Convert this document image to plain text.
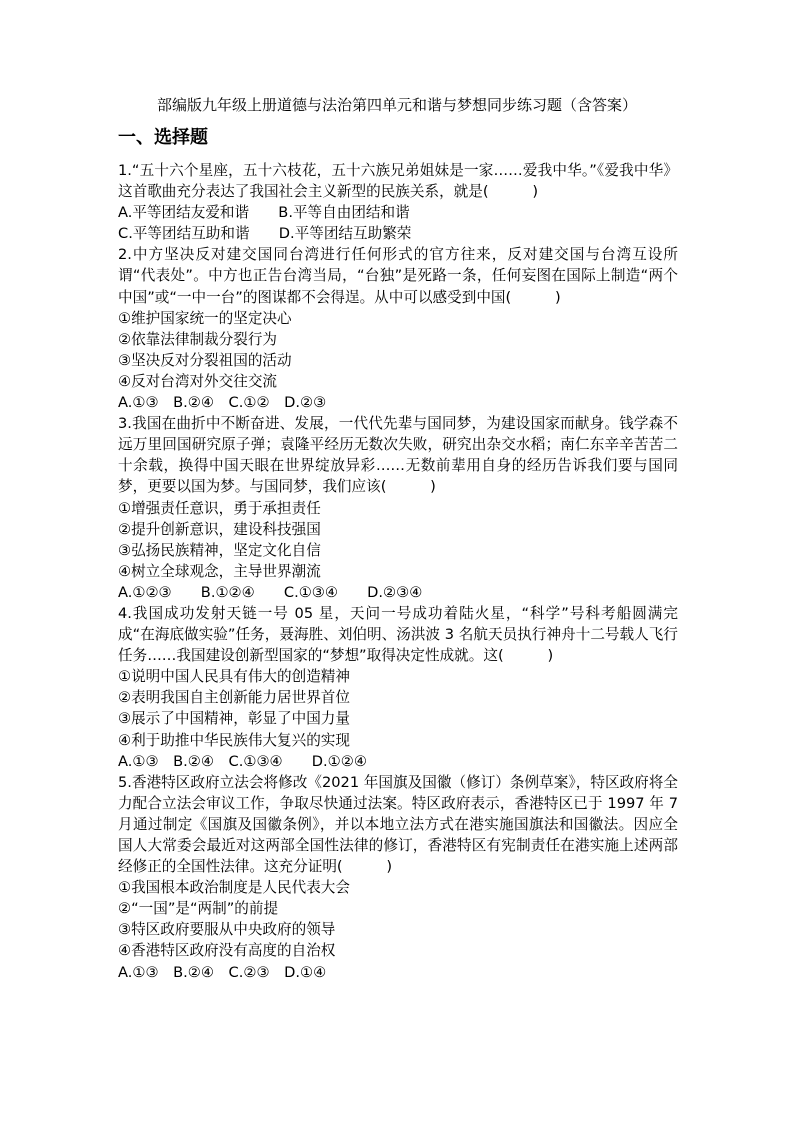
部编版九年级上册道德与法治第四单元和谐与梦想同步练习题（含答案）
一、选择题

1.“五十六个星座，五十六枝花，五十六族兄弟姐妹是一家……爱我中华。”《爱我中华》这首歌曲充分表达了我国社会主义新型的民族关系，就是(　　　)

A.平等团结友爱和谐　　B.平等自由团结和谐

C.平等团结互助和谐　　D.平等团结互助繁荣

2.中方坚决反对建交国同台湾进行任何形式的官方往来，反对建交国与台湾互设所谓“代表处”。中方也正告台湾当局，“台独”是死路一条，任何妄图在国际上制造“两个中国”或“一中一台”的图谋都不会得逞。从中可以感受到中国(　　　)

①维护国家统一的坚定决心

②依靠法律制裁分裂行为

③坚决反对分裂祖国的活动

④反对台湾对外交往交流

A.①③　B.②④　C.①②　D.②③

3.我国在曲折中不断奋进、发展，一代代先辈与国同梦，为建设国家而献身。钱学森不远万里回国研究原子弹；袁隆平经历无数次失败，研究出杂交水稻；南仁东辛辛苦苦二十余载，换得中国天眼在世界绽放异彩……无数前辈用自身的经历告诉我们要与国同梦，更要以国为梦。与国同梦，我们应该(　　　)

①增强责任意识，勇于承担责任

②提升创新意识，建设科技强国

③弘扬民族精神，坚定文化自信

④树立全球观念，主导世界潮流

A.①②③　　B.①②④　　C.①③④　　D.②③④

4.我国成功发射天链一号 05 星，天问一号成功着陆火星，“科学”号科考船圆满完成“在海底做实验”任务，聂海胜、刘伯明、汤洪波 3 名航天员执行神舟十二号载人飞行任务……我国建设创新型国家的“梦想”取得决定性成就。这(　　　)

①说明中国人民具有伟大的创造精神

②表明我国自主创新能力居世界首位

③展示了中国精神，彰显了中国力量

④利于助推中华民族伟大复兴的实现

A.①③　B.②④　C.①③④　　D.①②④

5.香港特区政府立法会将修改《2021 年国旗及国徽（修订）条例草案》，特区政府将全力配合立法会审议工作，争取尽快通过法案。特区政府表示，香港特区已于 1997 年 7 月通过制定《国旗及国徽条例》，并以本地立法方式在港实施国旗法和国徽法。因应全国人大常委会最近对这两部全国性法律的修订，香港特区有宪制责任在港实施上述两部经修正的全国性法律。这充分证明(　　　)

①我国根本政治制度是人民代表大会

②“一国”是“两制”的前提

③特区政府要服从中央政府的领导

④香港特区政府没有高度的自治权

A.①③　B.②④　C.②③　D.①④
